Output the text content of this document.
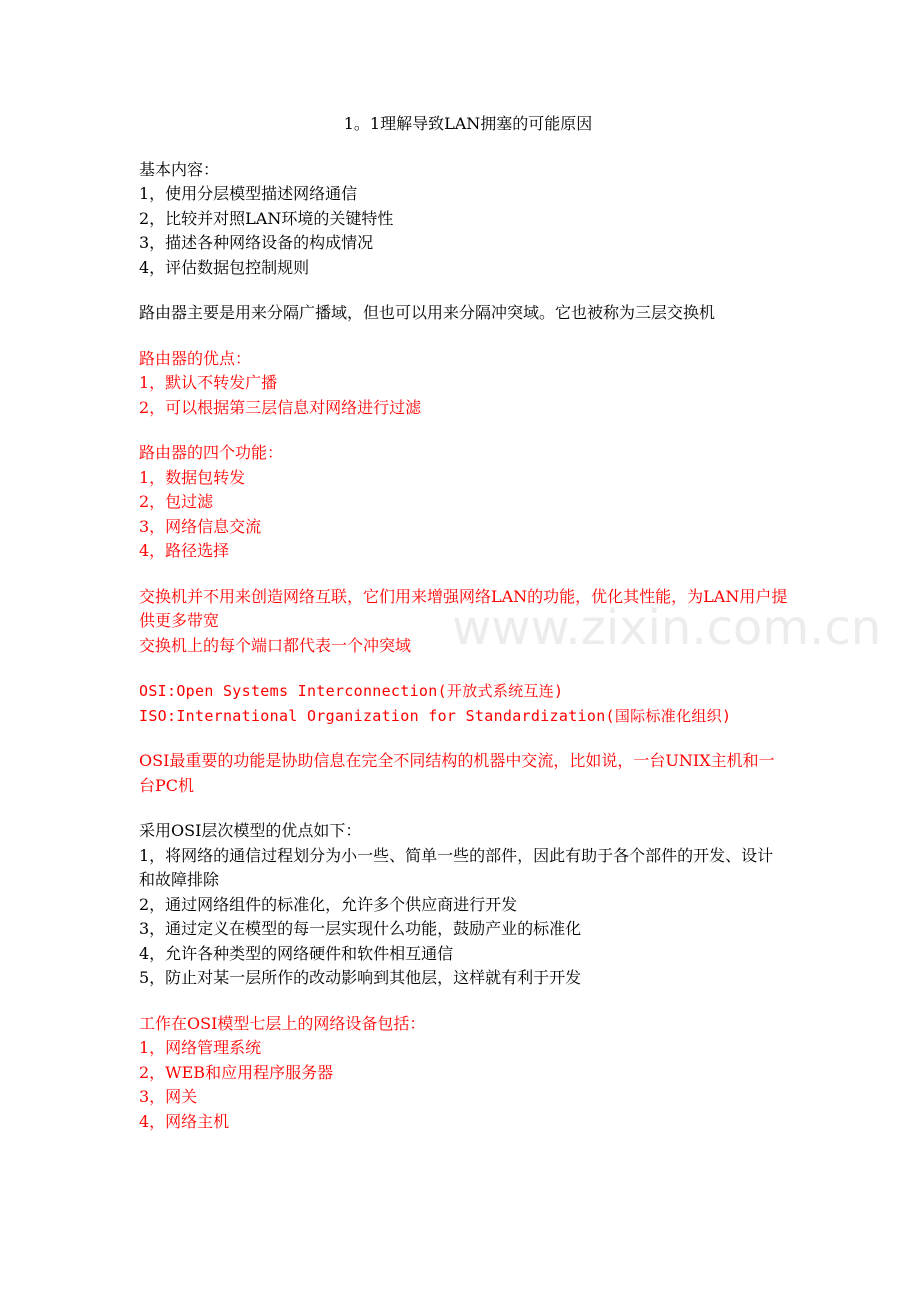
www.zixin.com.cn
1。1理解导致LAN拥塞的可能原因
基本内容：
1，使用分层模型描述网络通信
2，比较并对照LAN环境的关键特性
3，描述各种网络设备的构成情况
4，评估数据包控制规则
路由器主要是用来分隔广播域，但也可以用来分隔冲突域。它也被称为三层交换机
路由器的优点：
1，默认不转发广播
2，可以根据第三层信息对网络进行过滤
路由器的四个功能：
1，数据包转发
2，包过滤
3，网络信息交流
4，路径选择
交换机并不用来创造网络互联，它们用来增强网络LAN的功能，优化其性能，为LAN用户提供更多带宽
交换机上的每个端口都代表一个冲突域
OSI:Open Systems Interconnection(开放式系统互连)
ISO:International Organization for Standardization(国际标准化组织)
OSI最重要的功能是协助信息在完全不同结构的机器中交流，比如说，一台UNIX主机和一台PC机
采用OSI层次模型的优点如下：
1，将网络的通信过程划分为小一些、简单一些的部件，因此有助于各个部件的开发、设计和故障排除
2，通过网络组件的标准化，允许多个供应商进行开发
3，通过定义在模型的每一层实现什么功能，鼓励产业的标准化
4，允许各种类型的网络硬件和软件相互通信
5，防止对某一层所作的改动影响到其他层，这样就有利于开发
工作在OSI模型七层上的网络设备包括：
1，网络管理系统
2，WEB和应用程序服务器
3，网关
4，网络主机
